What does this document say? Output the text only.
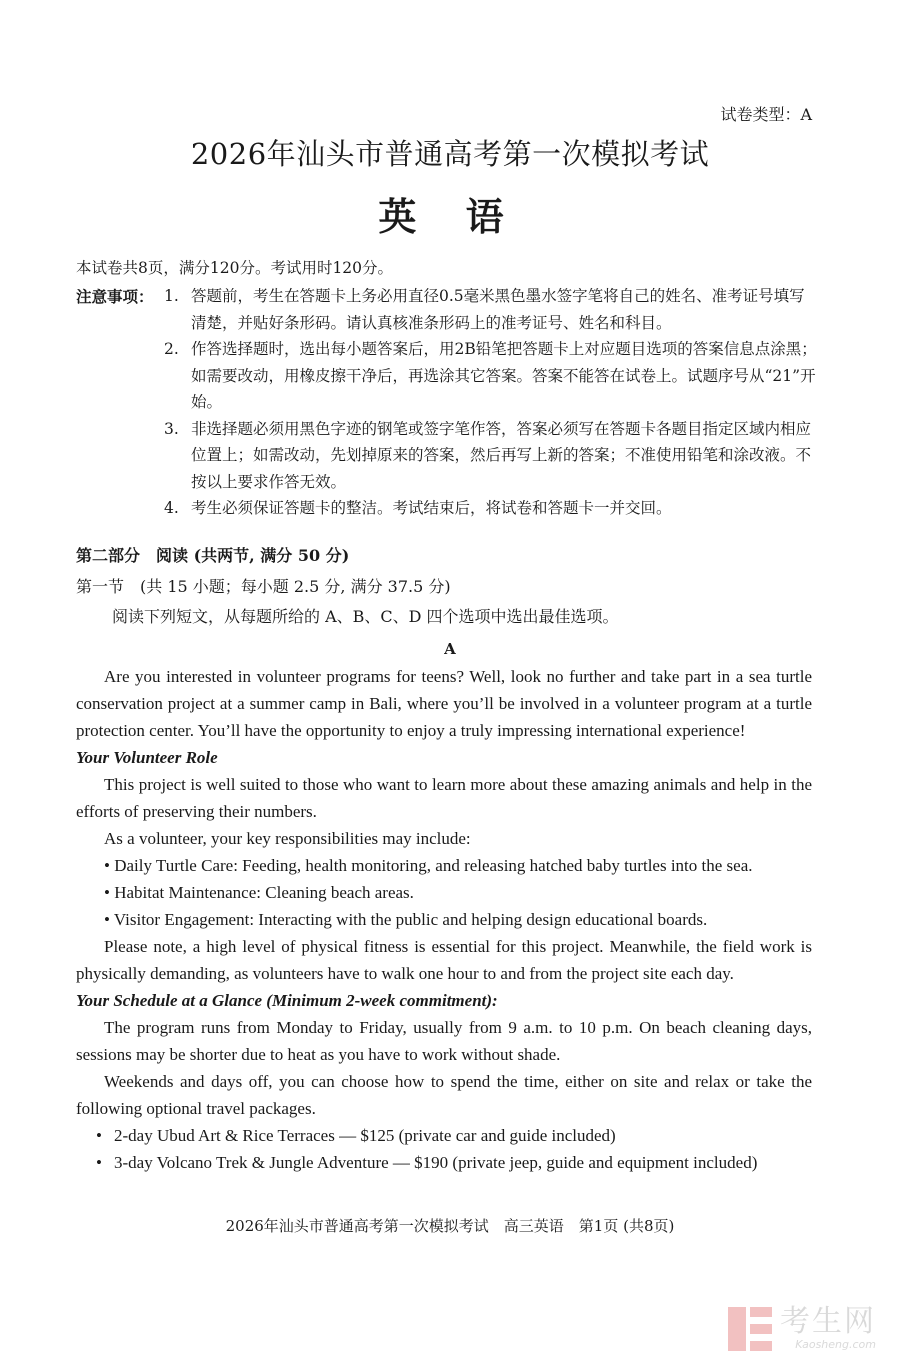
试卷类型：A
2026年汕头市普通高考第一次模拟考试
英 语
本试卷共8页，满分120分。考试用时120分。
注意事项： 1. 答题前，考生在答题卡上务必用直径0.5毫米黑色墨水签字笔将自己的姓名、准考证号填写清楚，并贴好条形码。请认真核准条形码上的准考证号、姓名和科目。
2. 作答选择题时，选出每小题答案后，用2B铅笔把答题卡上对应题目选项的答案信息点涂黑；如需要改动，用橡皮擦干净后，再选涂其它答案。答案不能答在试卷上。试题序号从“21”开始。
3. 非选择题必须用黑色字迹的钢笔或签字笔作答，答案必须写在答题卡各题目指定区域内相应位置上；如需改动，先划掉原来的答案，然后再写上新的答案；不准使用铅笔和涂改液。不按以上要求作答无效。
4. 考生必须保证答题卡的整洁。考试结束后，将试卷和答题卡一并交回。
第二部分　阅读 (共两节, 满分 50 分)
第一节　(共 15 小题；每小题 2.5 分, 满分 37.5 分)
阅读下列短文，从每题所给的 A、B、C、D 四个选项中选出最佳选项。
A

Are you interested in volunteer programs for teens? Well, look no further and take part in a sea turtle conservation project at a summer camp in Bali, where you’ll be involved in a volunteer program at a turtle protection center. You’ll have the opportunity to enjoy a truly impressing international experience!

Your Volunteer Role

This project is well suited to those who want to learn more about these amazing animals and help in the efforts of preserving their numbers.

As a volunteer, your key responsibilities may include:

• Daily Turtle Care: Feeding, health monitoring, and releasing hatched baby turtles into the sea.

• Habitat Maintenance: Cleaning beach areas.

• Visitor Engagement: Interacting with the public and helping design educational boards.

Please note, a high level of physical fitness is essential for this project. Meanwhile, the field work is physically demanding, as volunteers have to walk one hour to and from the project site each day.

Your Schedule at a Glance (Minimum 2-week commitment):

The program runs from Monday to Friday, usually from 9 a.m. to 10 p.m. On beach cleaning days, sessions may be shorter due to heat as you have to work without shade.

Weekends and days off, you can choose how to spend the time, either on site and relax or take the following optional travel packages.

• 2-day Ubud Art & Rice Terraces — $125 (private car and guide included)

• 3-day Volcano Trek & Jungle Adventure — $190 (private jeep, guide and equipment included)

2026年汕头市普通高考第一次模拟考试　高三英语　第1页 (共8页)
考生网
Kaosheng.com
